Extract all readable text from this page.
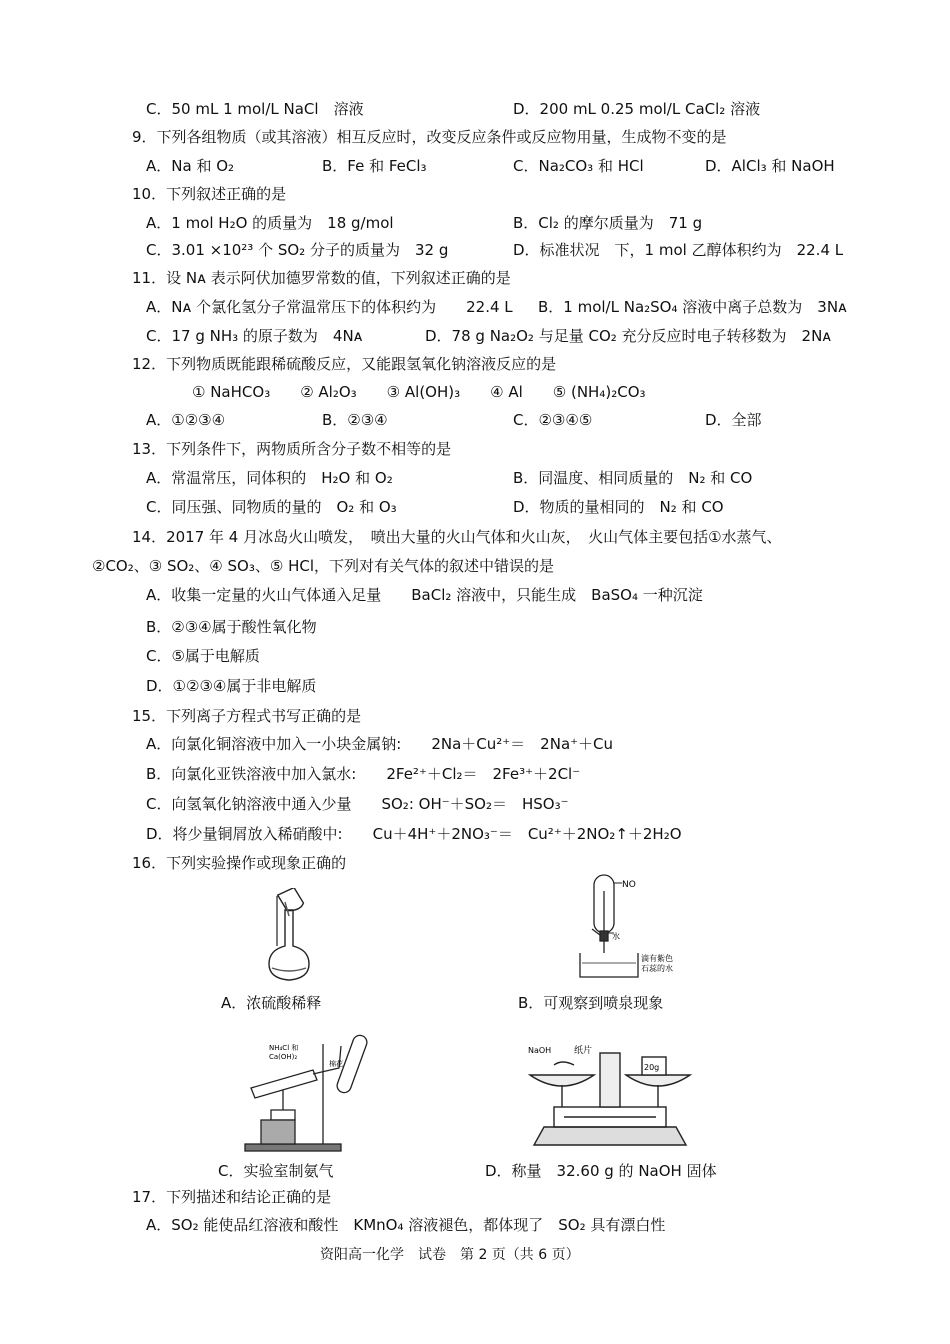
C．50 mL 1 mol/L NaCl　溶液	D．200 mL 0.25 mol/L CaCl₂ 溶液
9．下列各组物质（或其溶液）相互反应时，改变反应条件或反应物用量，生成物不变的是
A．Na 和 O₂	B．Fe 和 FeCl₃	C．Na₂CO₃ 和 HCl	D．AlCl₃ 和 NaOH
10．下列叙述正确的是
A．1 mol H₂O 的质量为　18 g/mol	B．Cl₂ 的摩尔质量为　71 g
C．3.01 ×10²³ 个 SO₂ 分子的质量为　32 g	D．标准状况　下，1 mol 乙醇体积约为　22.4 L
11．设 Nᴀ 表示阿伏加德罗常数的值，下列叙述正确的是
A．Nᴀ 个氯化氢分子常温常压下的体积约为　　22.4 L B．1 mol/L Na₂SO₄ 溶液中离子总数为　3Nᴀ
C．17 g NH₃ 的原子数为　4Nᴀ	D．78 g Na₂O₂ 与足量 CO₂ 充分反应时电子转移数为　2Nᴀ
12．下列物质既能跟稀硫酸反应，又能跟氢氧化钠溶液反应的是
① NaHCO₃　　② Al₂O₃　　③ Al(OH)₃　　④ Al　　⑤ (NH₄)₂CO₃
A．①②③④	B．②③④	C．②③④⑤	D．全部
13．下列条件下，两物质所含分子数不相等的是
A．常温常压，同体积的　H₂O 和 O₂	B．同温度、相同质量的　N₂ 和 CO
C．同压强、同物质的量的　O₂ 和 O₃	D．物质的量相同的　N₂ 和 CO
14．2017 年 4 月冰岛火山喷发，　喷出大量的火山气体和火山灰，　火山气体主要包括①水蒸气、
②CO₂、③ SO₂、④ SO₃、⑤ HCl，下列对有关气体的叙述中错误的是
A．收集一定量的火山气体通入足量　　BaCl₂ 溶液中，只能生成　BaSO₄ 一种沉淀
B．②③④属于酸性氧化物
C．⑤属于电解质
D．①②③④属于非电解质
15．下列离子方程式书写正确的是
A．向氯化铜溶液中加入一小块金属钠:　　2Na＋Cu²⁺＝　2Na⁺＋Cu
B．向氯化亚铁溶液中加入氯水:　　2Fe²⁺＋Cl₂＝　2Fe³⁺＋2Cl⁻
C．向氢氧化钠溶液中通入少量　　SO₂: OH⁻＋SO₂＝　HSO₃⁻
D．将少量铜屑放入稀硝酸中:　　Cu＋4H⁺＋2NO₃⁻＝　Cu²⁺＋2NO₂↑＋2H₂O
16．下列实验操作或现象正确的
A．浓硫酸稀释
NO
水
滴有紫色
石蕊的水
B．可观察到喷泉现象
NH₄Cl 和
Ca(OH)₂
棉花
C．实验室制氨气
NaOH	纸片
20g
D．称量　32.60 g 的 NaOH 固体
17．下列描述和结论正确的是
A．SO₂ 能使品红溶液和酸性　KMnO₄ 溶液褪色，都体现了　SO₂ 具有漂白性
资阳高一化学　试卷　第 2 页（共 6 页）
